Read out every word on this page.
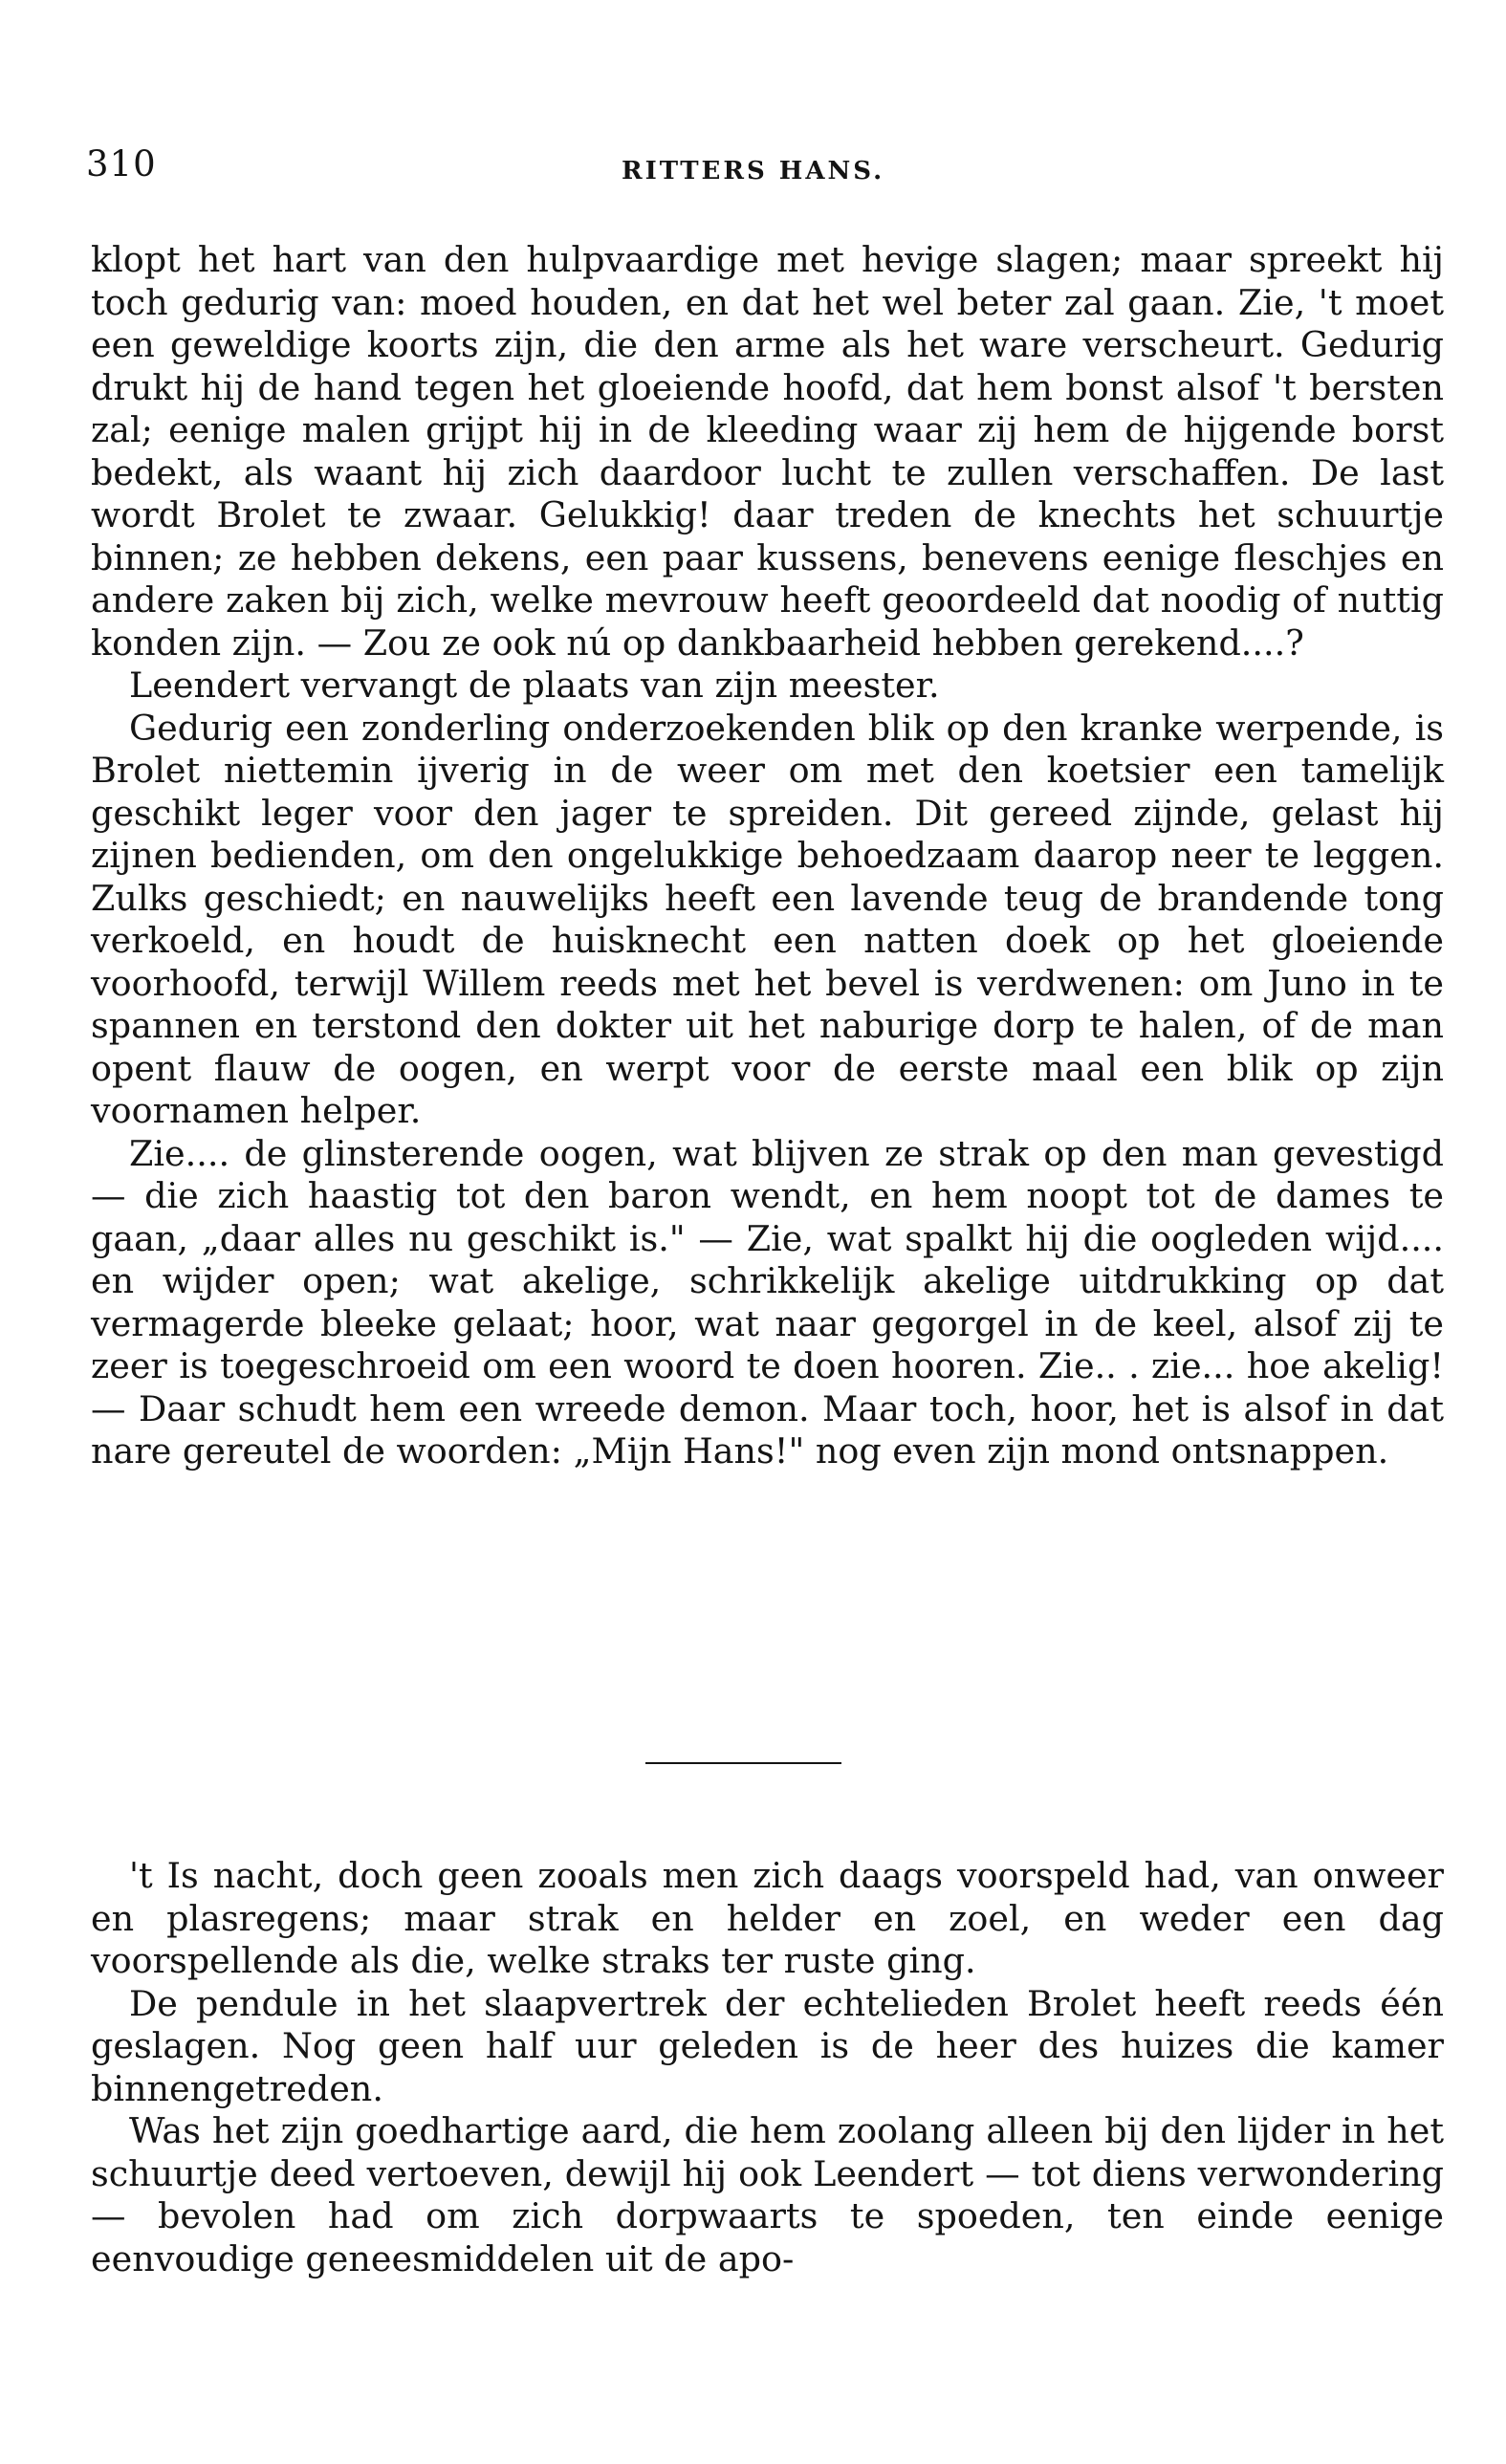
310	RITTERS HANS.

klopt het hart van den hulpvaardige met hevige slagen; maar spreekt hij toch gedurig van: moed houden, en dat het wel beter zal gaan. Zie, 't moet een geweldige koorts zijn, die den arme als het ware verscheurt. Gedurig drukt hij de hand tegen het gloeiende hoofd, dat hem bonst alsof 't bersten zal; eenige malen grijpt hij in de kleeding waar zij hem de hijgende borst bedekt, als waant hij zich daardoor lucht te zullen verschaffen. De last wordt Brolet te zwaar. Gelukkig! daar treden de knechts het schuurtje binnen; ze hebben dekens, een paar kussens, benevens eenige fleschjes en andere zaken bij zich, welke mevrouw heeft geoordeeld dat noodig of nuttig konden zijn. — Zou ze ook nú op dankbaarheid hebben gerekend....?

Leendert vervangt de plaats van zijn meester.

Gedurig een zonderling onderzoekenden blik op den kranke werpende, is Brolet niettemin ijverig in de weer om met den koetsier een tamelijk geschikt leger voor den jager te spreiden. Dit gereed zijnde, gelast hij zijnen bedienden, om den ongelukkige behoedzaam daarop neer te leggen. Zulks geschiedt; en nauwelijks heeft een lavende teug de brandende tong verkoeld, en houdt de huisknecht een natten doek op het gloeiende voorhoofd, terwijl Willem reeds met het bevel is verdwenen: om Juno in te spannen en terstond den dokter uit het naburige dorp te halen, of de man opent flauw de oogen, en werpt voor de eerste maal een blik op zijn voornamen helper.

Zie.... de glinsterende oogen, wat blijven ze strak op den man gevestigd — die zich haastig tot den baron wendt, en hem noopt tot de dames te gaan, „daar alles nu geschikt is." — Zie, wat spalkt hij die oogleden wijd.... en wijder open; wat akelige, schrikkelijk akelige uitdrukking op dat vermagerde bleeke gelaat; hoor, wat naar gegorgel in de keel, alsof zij te zeer is toegeschroeid om een woord te doen hooren. Zie.. . zie... hoe akelig! — Daar schudt hem een wreede demon. Maar toch, hoor, het is alsof in dat nare gereutel de woorden: „Mijn Hans!" nog even zijn mond ontsnappen.

't Is nacht, doch geen zooals men zich daags voorspeld had, van onweer en plasregens; maar strak en helder en zoel, en weder een dag voorspellende als die, welke straks ter ruste ging.

De pendule in het slaapvertrek der echtelieden Brolet heeft reeds één geslagen. Nog geen half uur geleden is de heer des huizes die kamer binnengetreden.

Was het zijn goedhartige aard, die hem zoolang alleen bij den lijder in het schuurtje deed vertoeven, dewijl hij ook Leendert — tot diens verwondering — bevolen had om zich dorpwaarts te spoeden, ten einde eenige eenvoudige geneesmiddelen uit de apo-
